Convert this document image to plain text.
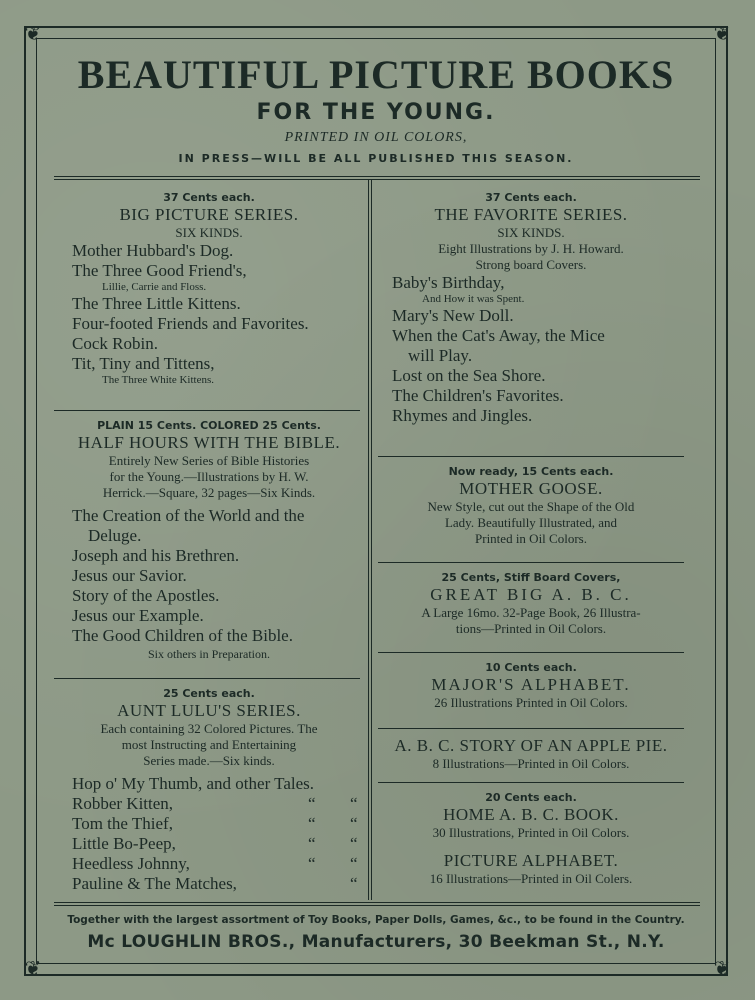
❦	❦
❦	❦
BEAUTIFUL PICTURE BOOKS
FOR THE YOUNG.
PRINTED IN OIL COLORS,
IN PRESS—WILL BE ALL PUBLISHED THIS SEASON.
37 Cents each.
BIG PICTURE SERIES.
SIX KINDS.
Mother Hubbard's Dog.
The Three Good Friend's,
Lillie, Carrie and Floss.
The Three Little Kittens.
Four-footed Friends and Favorites.
Cock Robin.
Tit, Tiny and Tittens,
The Three White Kittens.
PLAIN 15 Cents. COLORED 25 Cents.
HALF HOURS WITH THE BIBLE.
Entirely New Series of Bible Histories
for the Young.—Illustrations by H. W.
Herrick.—Square, 32 pages—Six Kinds.
The Creation of the World and the
Deluge.
Joseph and his Brethren.
Jesus our Savior.
Story of the Apostles.
Jesus our Example.
The Good Children of the Bible.
Six others in Preparation.
25 Cents each.
AUNT LULU'S SERIES.
Each containing 32 Colored Pictures. The
most Instructing and Entertaining
Series made.—Six kinds.
Hop o' My Thumb, and other Tales.
Robber Kitten,	“ “
Tom the Thief,	“ “
Little Bo-Peep,	“ “
Heedless Johnny,	“ “
Pauline & The Matches,	“
37 Cents each.
THE FAVORITE SERIES.
SIX KINDS.
Eight Illustrations by J. H. Howard.
Strong board Covers.
Baby's Birthday,
And How it was Spent.
Mary's New Doll.
When the Cat's Away, the Mice
will Play.
Lost on the Sea Shore.
The Children's Favorites.
Rhymes and Jingles.
Now ready, 15 Cents each.
MOTHER GOOSE.
New Style, cut out the Shape of the Old
Lady. Beautifully Illustrated, and
Printed in Oil Colors.
25 Cents, Stiff Board Covers,
GREAT BIG A. B. C.
A Large 16mo. 32-Page Book, 26 Illustra-
tions—Printed in Oil Colors.
10 Cents each.
MAJOR'S ALPHABET.
26 Illustrations Printed in Oil Colors.
A. B. C. STORY OF AN APPLE PIE.
8 Illustrations—Printed in Oil Colors.
20 Cents each.
HOME A. B. C. BOOK.
30 Illustrations, Printed in Oil Colors.
PICTURE ALPHABET.
16 Illustrations—Printed in Oil Colers.
Together with the largest assortment of Toy Books, Paper Dolls, Games, &c., to be found in the Country.
Mc LOUGHLIN BROS., Manufacturers, 30 Beekman St., N.Y.
